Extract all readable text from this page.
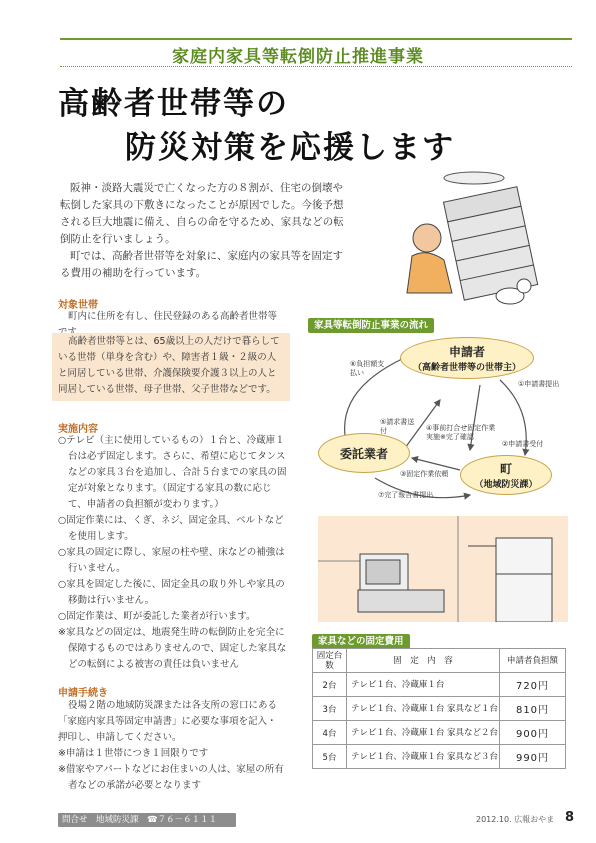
家庭内家具等転倒防止推進事業
高齢者世帯等の
防災対策を応援します
阪神・淡路大震災で亡くなった方の８割が、住宅の倒壊や
転倒した家具の下敷きになったことが原因でした。今後予想
される巨大地震に備え、自らの命を守るため、家具などの転
倒防止を行いましょう。
町では、高齢者世帯等を対象に、家庭内の家具等を固定す
る費用の補助を行っています。
対象世帯
町内に住所を有し、住民登録のある高齢者世帯等
高齢者世帯等とは、65歳以上の人だけで暮らして
いる世帯（単身を含む）や、障害者１級・２級の人
と同居している世帯、介護保険要介護３以上の人と
同居している世帯、母子世帯、父子世帯などです。
実施内容
○テレビ（主に使用しているもの）１台と、冷蔵庫１台は必ず固定します。さらに、希望に応じてタンスなどの家具３台を追加し、合計５台までの家具の固定が対象となります。（固定する家具の数に応じて、申請者の負担額が変わります。）
○固定作業には、くぎ、ネジ、固定金具、ベルトなどを使用します。
○家具の固定に際し、家屋の柱や壁、床などの補強は行いません。
○家具を固定した後に、固定金具の取り外しや家具の移動は行いません。
○固定作業は、町が委託した業者が行います。
※家具などの固定は、地震発生時の転倒防止を完全に保障するものではありませんので、固定した家具などの転倒による被害の責任は負いません
申請手続き
役場２階の地域防災課または各支所の窓口にある
「家庭内家具等固定申請書」に必要な事項を記入・
押印し、申請してください。
※申請は１世帯につき１回限りです
※借家やアパートなどにお住まいの人は、家屋の所有者などの承諾が必要となります
家具等転倒防止事業の流れ
申請者
（高齢者世帯等の世帯主）
委託業者
町
（地域防災課）
①申請書提出
②申請書受付
③固定作業依頼
④事前打合せ固定作業実施※完了確認
⑤請求書送付
⑥負担額支払い
⑦完了報告書提出
家具などの固定費用
固定台数	固　定　内　容	申請者負担額
2台	テレビ１台、冷蔵庫１台	720円
3台	テレビ１台、冷蔵庫１台 家具など１台	810円
4台	テレビ１台、冷蔵庫１台 家具など２台	900円
5台	テレビ１台、冷蔵庫１台 家具など３台	990円
問合せ　地域防災課　☎７６－６１１１	2012.10. 広報おやま 8
